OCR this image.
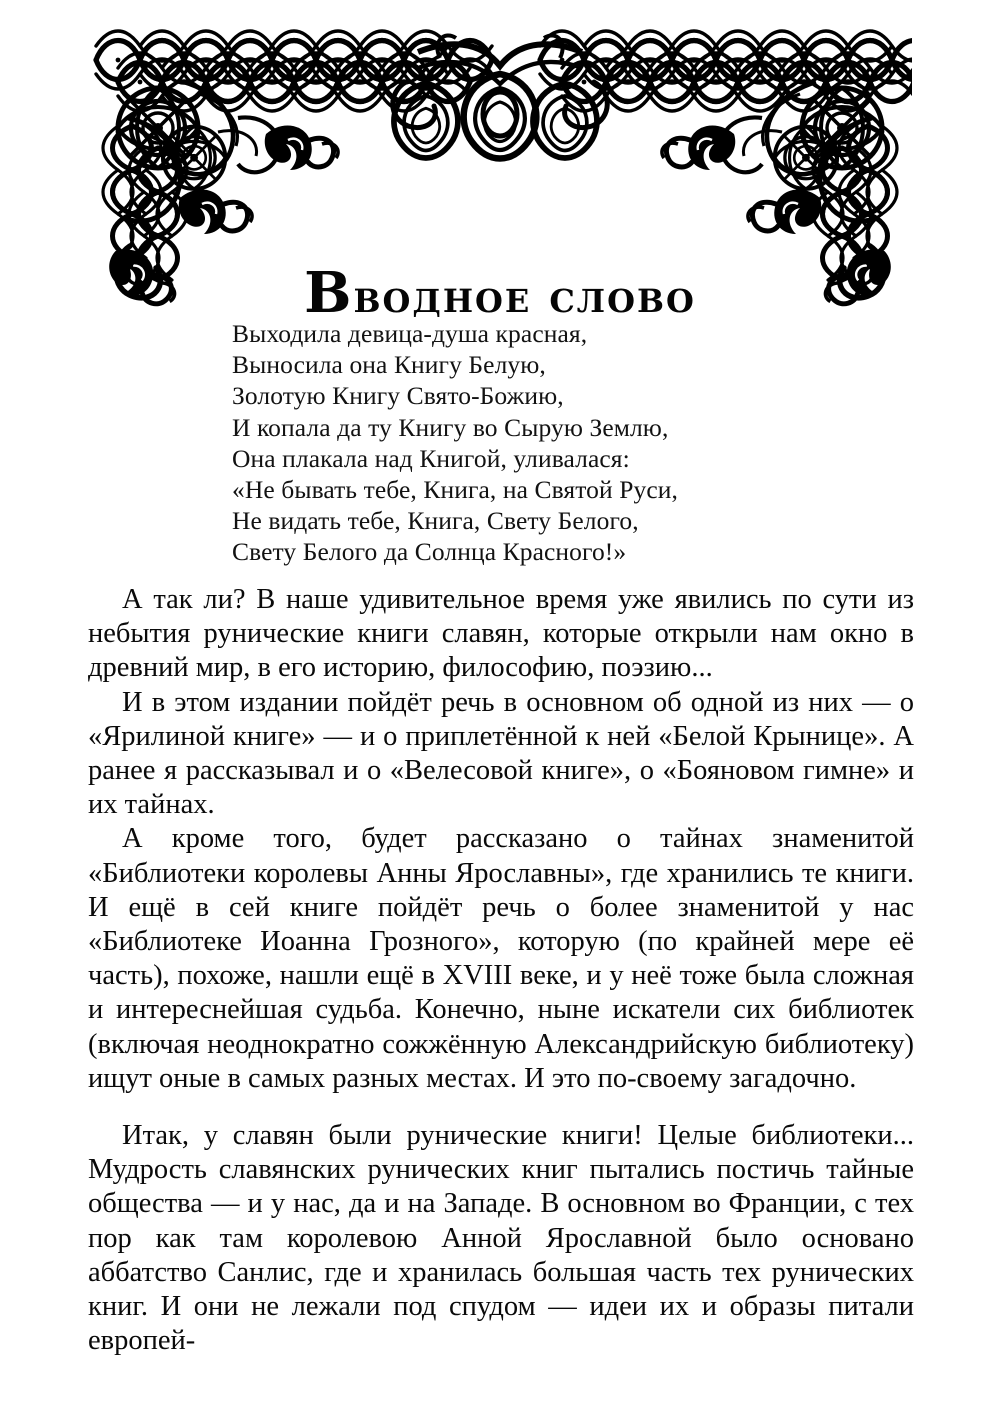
Вводное слово
Выходила девица-душа красная,
Выносила она Книгу Белую,
Золотую Книгу Свято-Божию,
И копала да ту Книгу во Сырую Землю,
Она плакала над Книгой, уливалася:
«Не бывать тебе, Книга, на Святой Руси,
Не видать тебе, Книга, Свету Белого,
Свету Белого да Солнца Красного!»

А так ли? В наше удивительное время уже явились по сути из небытия рунические книги славян, которые открыли нам окно в древний мир, в его историю, философию, поэзию...

И в этом издании пойдёт речь в основном об одной из них — о «Ярилиной книге» — и о приплетённой к ней «Белой Крынице». А ранее я рассказывал и о «Велесовой книге», о «Бояновом гимне» и их тайнах.

А кроме того, будет рассказано о тайнах знаменитой «Библиотеки королевы Анны Ярославны», где хранились те книги. И ещё в сей книге пойдёт речь о более знаменитой у нас «Библиотеке Иоанна Грозного», которую (по крайней мере её часть), похоже, нашли ещё в XVIII веке, и у неё тоже была сложная и интереснейшая судьба. Конечно, ныне искатели сих библиотек (включая неоднократно сожжённую Александрийскую библиотеку) ищут оные в самых разных местах. И это по-своему загадочно.

Итак, у славян были рунические книги! Целые библиотеки... Мудрость славянских рунических книг пытались постичь тайные общества — и у нас, да и на Западе. В основном во Франции, с тех пор как там королевою Анной Ярославной было основано аббатство Санлис, где и хранилась большая часть тех рунических книг. И они не лежали под спудом — идеи их и образы питали европей-
